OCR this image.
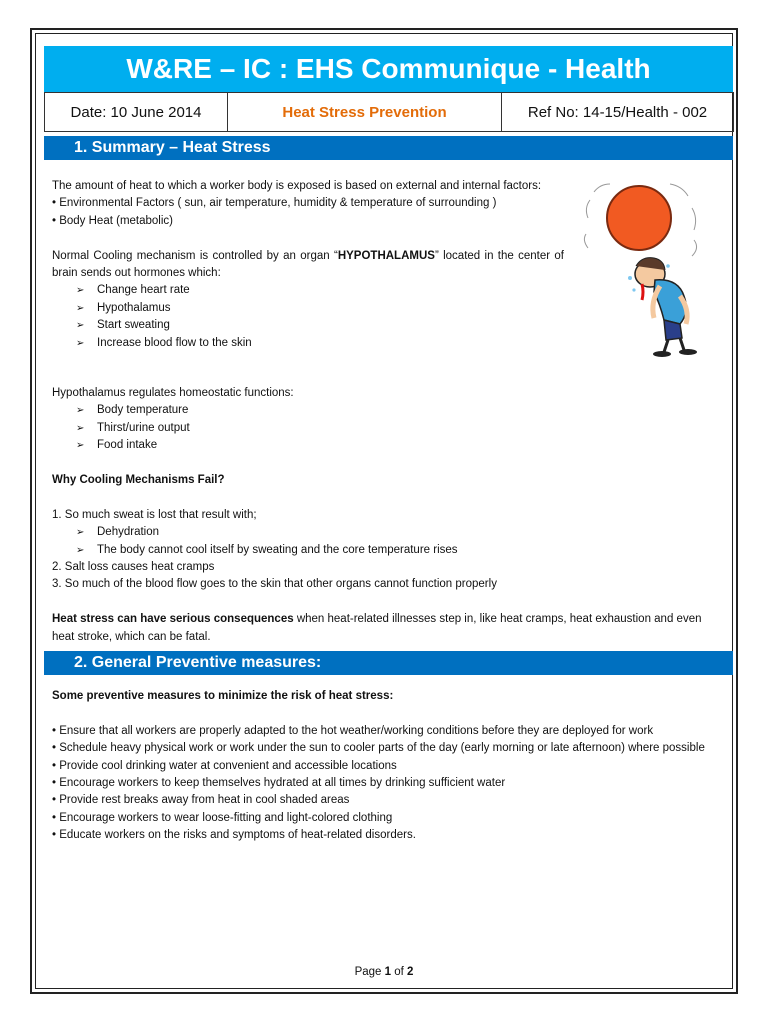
W&RE – IC : EHS Communique - Health
Date: 10 June 2014	Heat Stress Prevention	Ref No: 14-15/Health - 002
1. Summary – Heat Stress

The amount of heat to which a worker body is exposed is based on external and internal factors:

• Environmental Factors ( sun, air temperature, humidity & temperature of surrounding )

• Body Heat (metabolic)

Normal Cooling mechanism is controlled by an organ “HYPOTHALAMUS” located in the center of brain sends out hormones which:

➢ Change heart rate

➢ Hypothalamus

➢ Start sweating

➢ Increase blood flow to the skin

Hypothalamus regulates homeostatic functions:

➢ Body temperature

➢ Thirst/urine output

➢ Food intake

Why Cooling Mechanisms Fail?

1. So much sweat is lost that result with;

➢ Dehydration

➢ The body cannot cool itself by sweating and the core temperature rises

2. Salt loss causes heat cramps

3. So much of the blood flow goes to the skin that other organs cannot function properly

Heat stress can have serious consequences when heat-related illnesses step in, like heat cramps, heat exhaustion and even heat stroke, which can be fatal.

2. General Preventive measures:

Some preventive measures to minimize the risk of heat stress:

• Ensure that all workers are properly adapted to the hot weather/working conditions before they are deployed for work

• Schedule heavy physical work or work under the sun to cooler parts of the day (early morning or late afternoon) where possible

• Provide cool drinking water at convenient and accessible locations

• Encourage workers to keep themselves hydrated at all times by drinking sufficient water

• Provide rest breaks away from heat in cool shaded areas

• Encourage workers to wear loose-fitting and light-colored clothing

• Educate workers on the risks and symptoms of heat-related disorders.

Page 1 of 2
